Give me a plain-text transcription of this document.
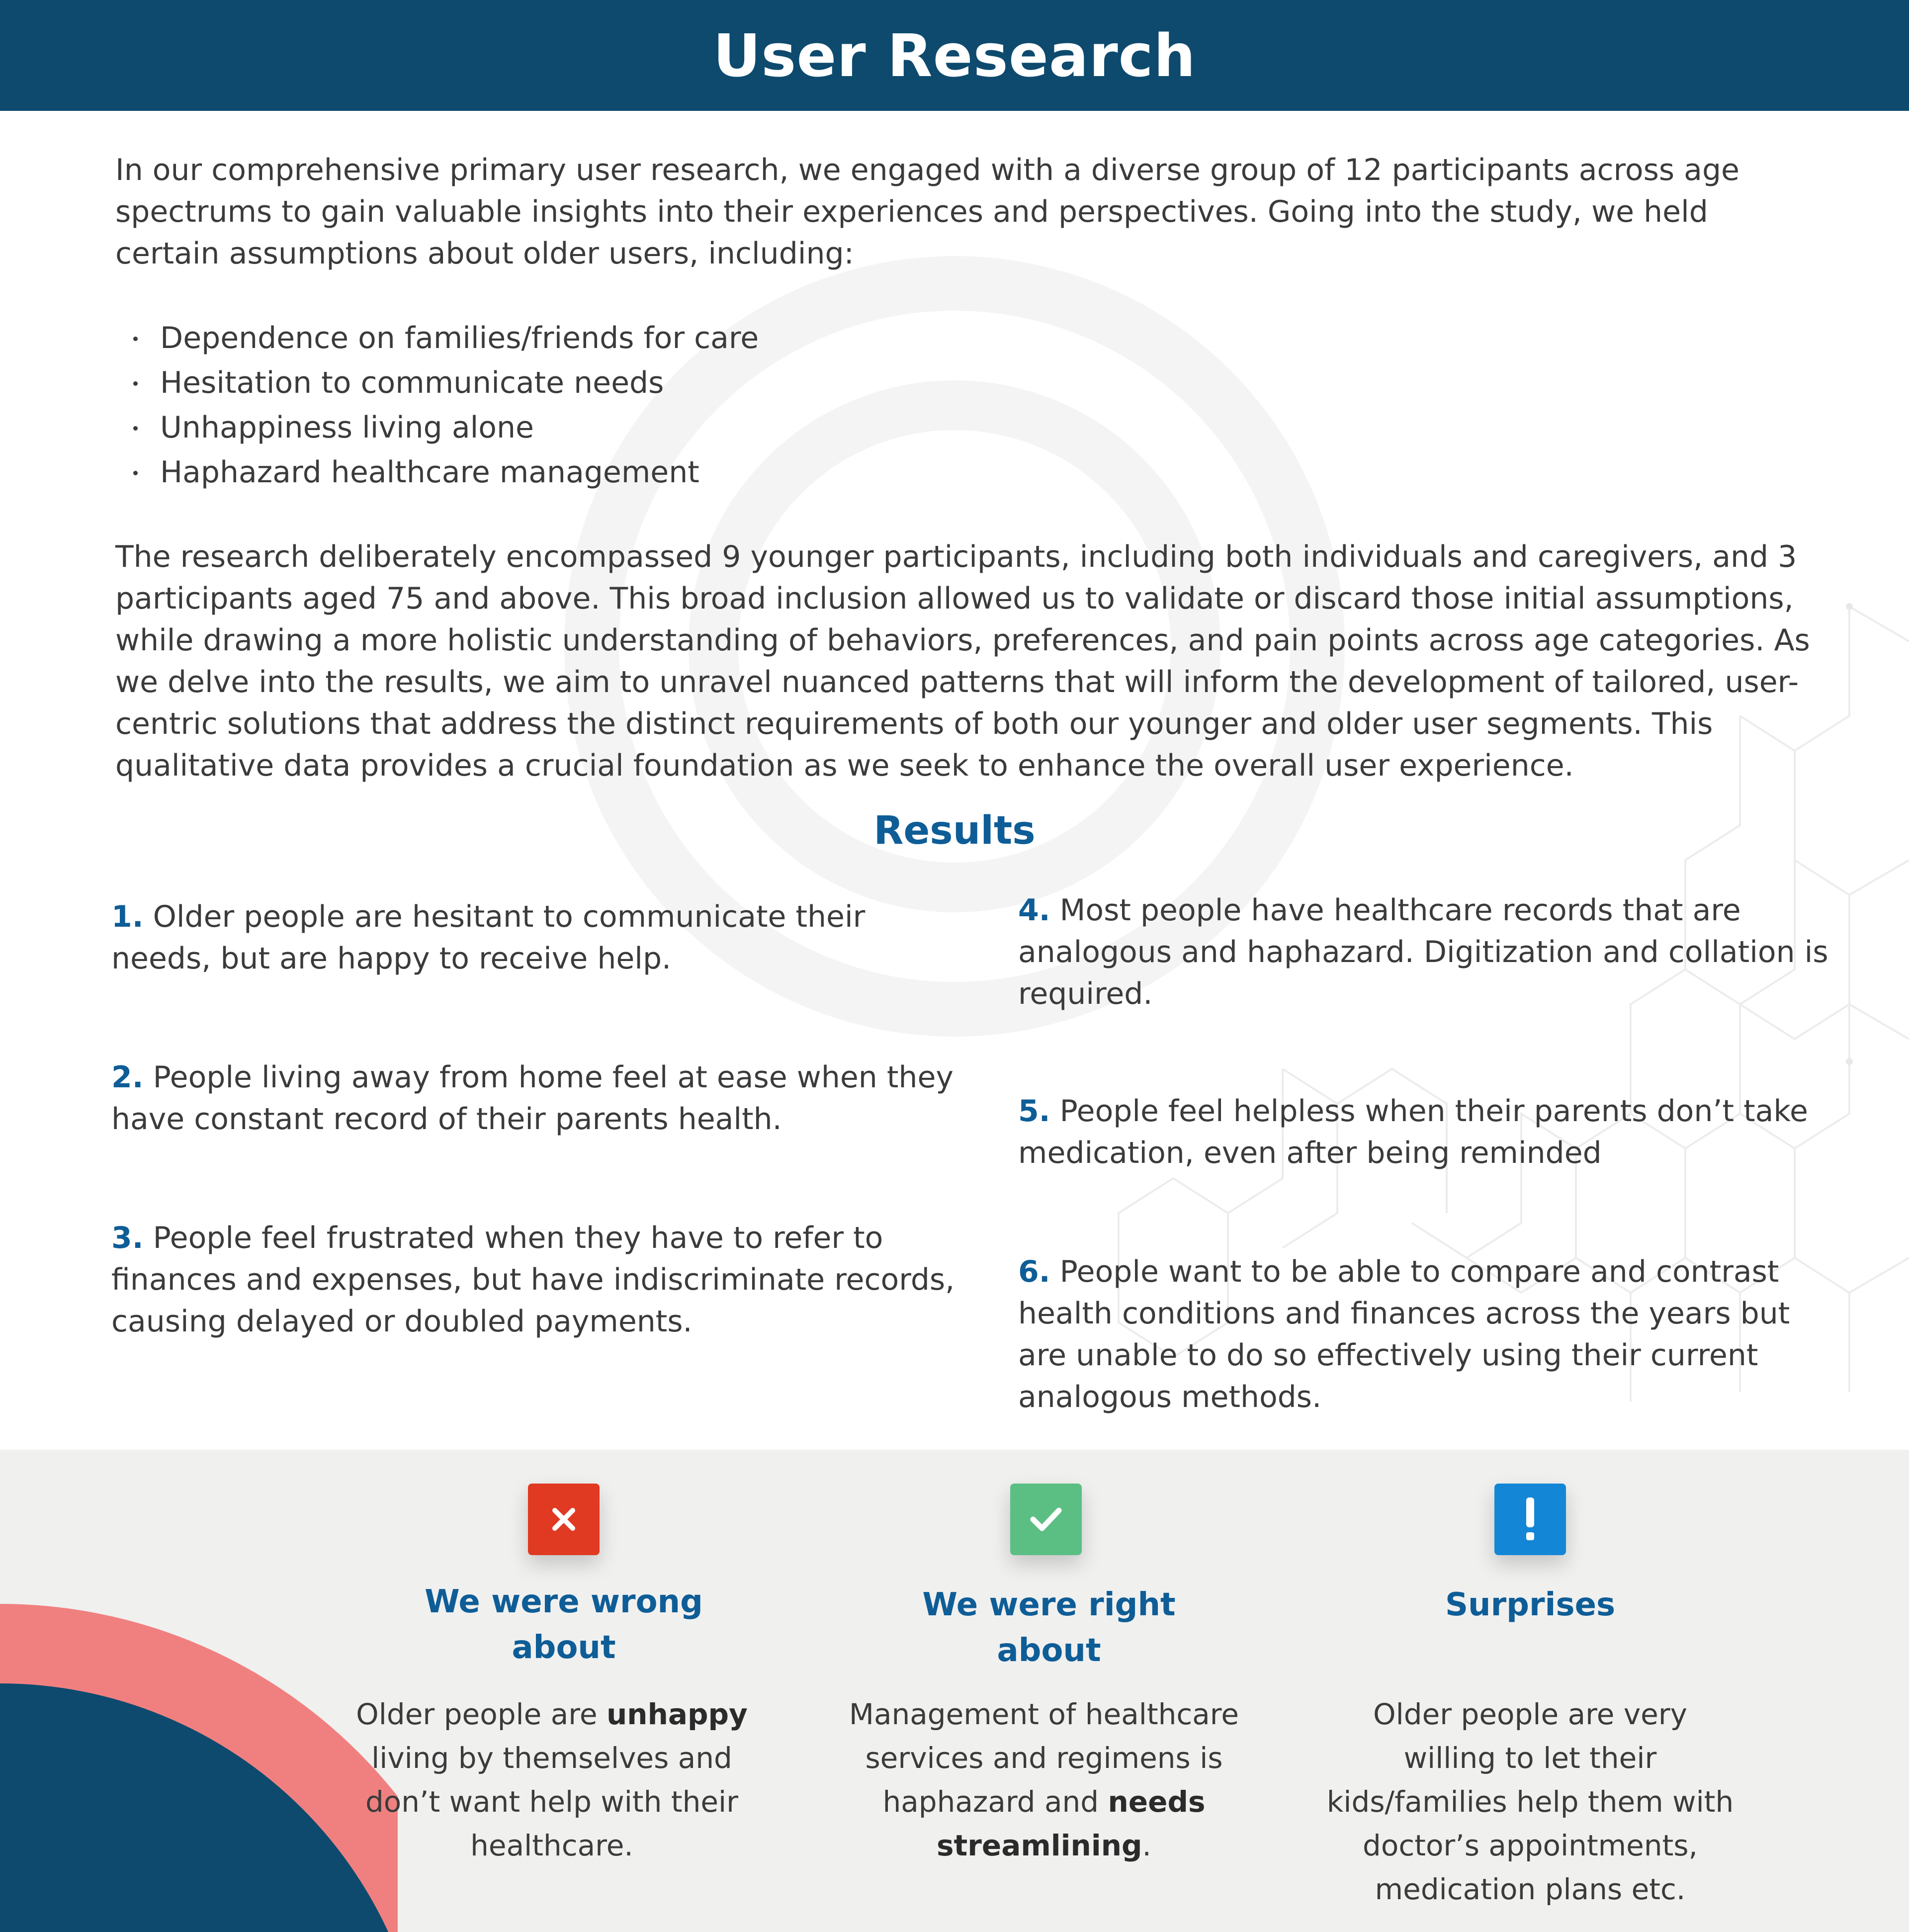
User Research

In our comprehensive primary user research, we engaged with a diverse group of 12 participants across age spectrums to gain valuable insights into their experiences and perspectives. Going into the study, we held certain assumptions about older users, including:

Dependence on families/friends for care
Hesitation to communicate needs
Unhappiness living alone
Haphazard healthcare management

The research deliberately encompassed 9 younger participants, including both individuals and caregivers, and 3 participants aged 75 and above. This broad inclusion allowed us to validate or discard those initial assumptions, while drawing a more holistic understanding of behaviors, preferences, and pain points across age categories. As we delve into the results, we aim to unravel nuanced patterns that will inform the development of tailored, user-centric solutions that address the distinct requirements of both our younger and older user segments. This qualitative data provides a crucial foundation as we seek to enhance the overall user experience.

Results

1. Older people are hesitant to communicate their needs, but are happy to receive help.

2. People living away from home feel at ease when they have constant record of their parents health.

3. People feel frustrated when they have to refer to finances and expenses, but have indiscriminate records, causing delayed or doubled payments.

4. Most people have healthcare records that are analogous and haphazard. Digitization and collation is required.

5. People feel helpless when their parents don’t take medication, even after being reminded

6. People want to be able to compare and contrast health conditions and finances across the years but are unable to do so effectively using their current analogous methods.

We were wrong about

Older people are unhappy living by themselves and don’t want help with their healthcare.

We were right about

Management of healthcare services and regimens is haphazard and needs streamlining.

Surprises

Older people are very willing to let their kids/families help them with doctor’s appointments, medication plans etc.
